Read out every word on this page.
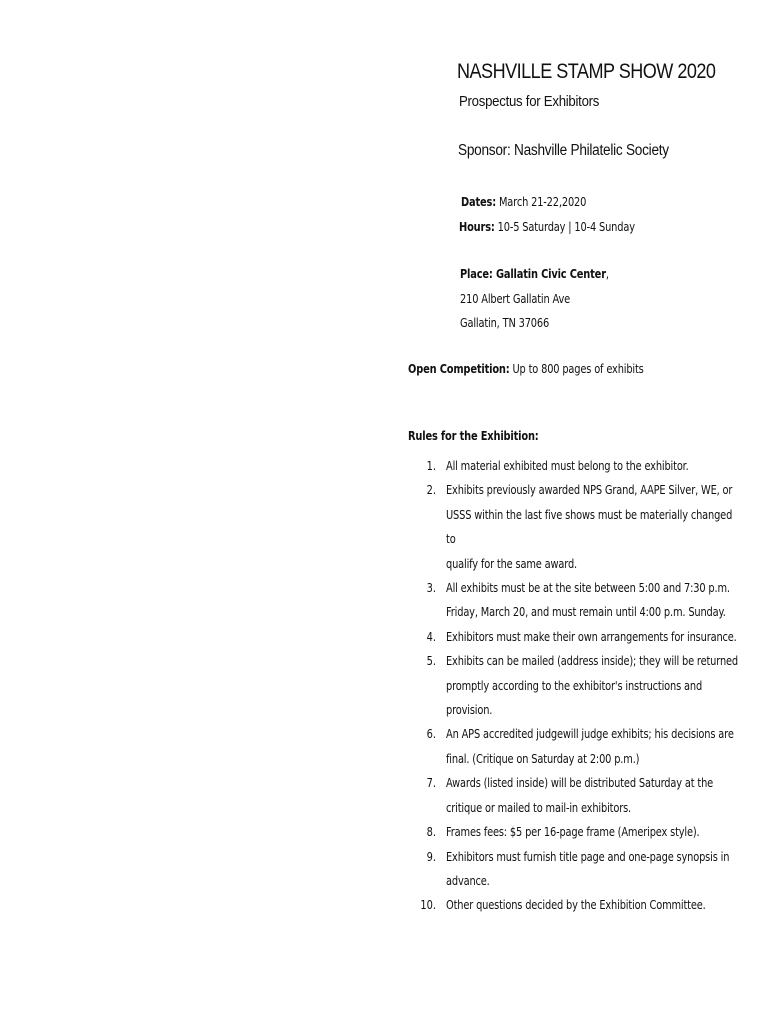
NASHVILLE STAMP SHOW 2020
Prospectus for Exhibitors
Sponsor: Nashville Philatelic Society
Dates: March 21-22,2020
Hours: 10-5 Saturday | 10-4 Sunday
Place: Gallatin Civic Center,
210 Albert Gallatin Ave
Gallatin, TN 37066
Open Competition: Up to 800 pages of exhibits
Rules for the Exhibition:
1. All material exhibited must belong to the exhibitor.
2. Exhibits previously awarded NPS Grand, AAPE Silver, WE, or
USSS within the last five shows must be materially changed to
qualify for the same award.
3. All exhibits must be at the site between 5:00 and 7:30 p.m.
Friday, March 20, and must remain until 4:00 p.m. Sunday.
4. Exhibitors must make their own arrangements for insurance.
5. Exhibits can be mailed (address inside); they will be returned
promptly according to the exhibitor's instructions and
provision.
6. An APS accredited judgewill judge exhibits; his decisions are
final. (Critique on Saturday at 2:00 p.m.)
7. Awards (listed inside) will be distributed Saturday at the
critique or mailed to mail-in exhibitors.
8. Frames fees: $5 per 16-page frame (Ameripex style).
9. Exhibitors must furnish title page and one-page synopsis in
advance.
10. Other questions decided by the Exhibition Committee.
